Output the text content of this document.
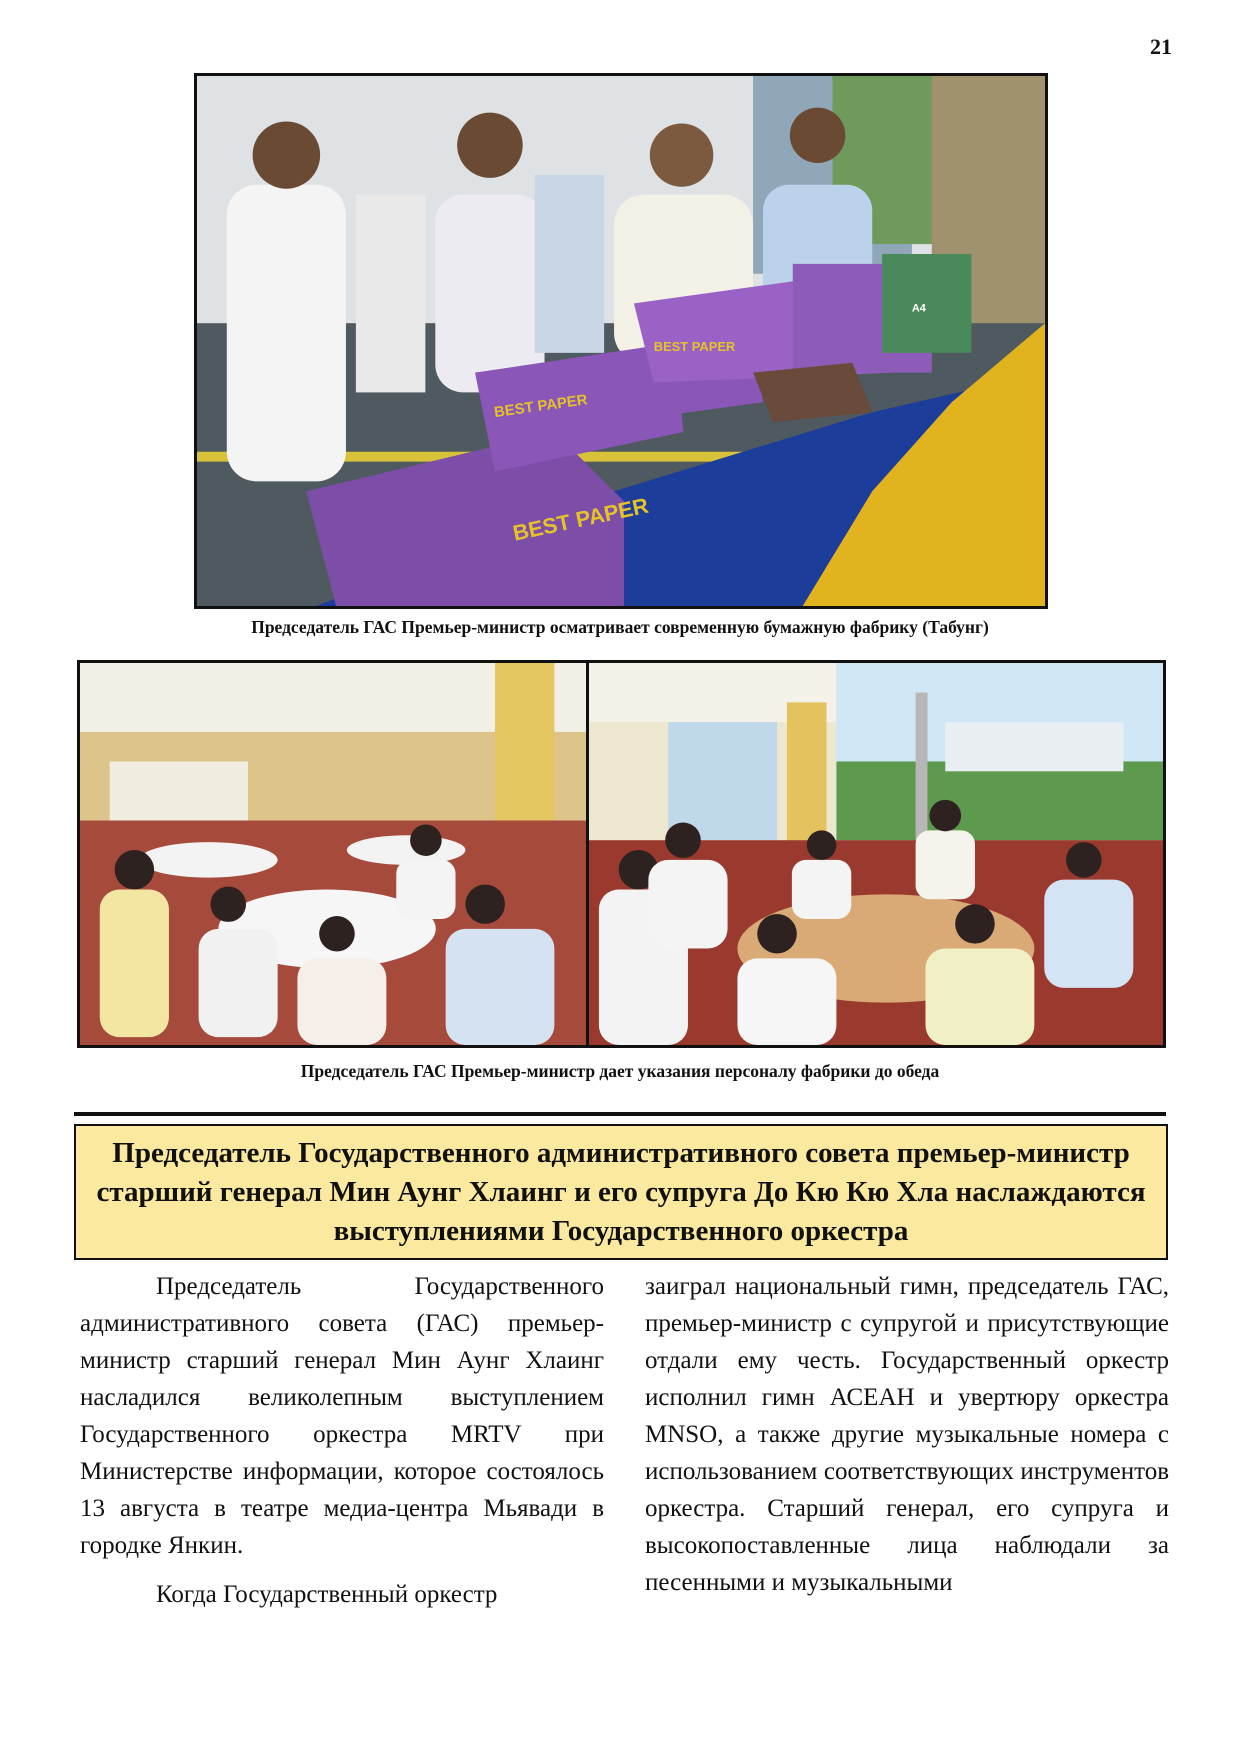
21
BEST PAPER
BEST PAPER
BEST PAPER
A4
Председатель ГАС Премьер-министр осматривает современную бумажную фабрику (Табунг)
Председатель ГАС Премьер-министр дает указания персоналу фабрики до обеда
Председатель Государственного административного совета премьер-министр старший генерал Мин Аунг Хлаинг и его супруга До Кю Кю Хла наслаждаются выступлениями Государственного оркестра

Председатель Государственного административного совета (ГАС) премьер-министр старший генерал Мин Аунг Хлаинг насладился великолепным выступлением Государственного оркестра MRTV при Министерстве информации, которое состоялось 13 августа в театре медиа-центра Мьявади в городке Янкин.

Когда Государственный оркестр

заиграл национальный гимн, председатель ГАС, премьер-министр с супругой и присутствующие отдали ему честь. Государственный оркестр исполнил гимн АСЕАН и увертюру оркестра MNSO, а также другие музыкальные номера с использованием соответствующих инструментов оркестра. Старший генерал, его супруга и высокопоставленные лица наблюдали за песенными и музыкальными
